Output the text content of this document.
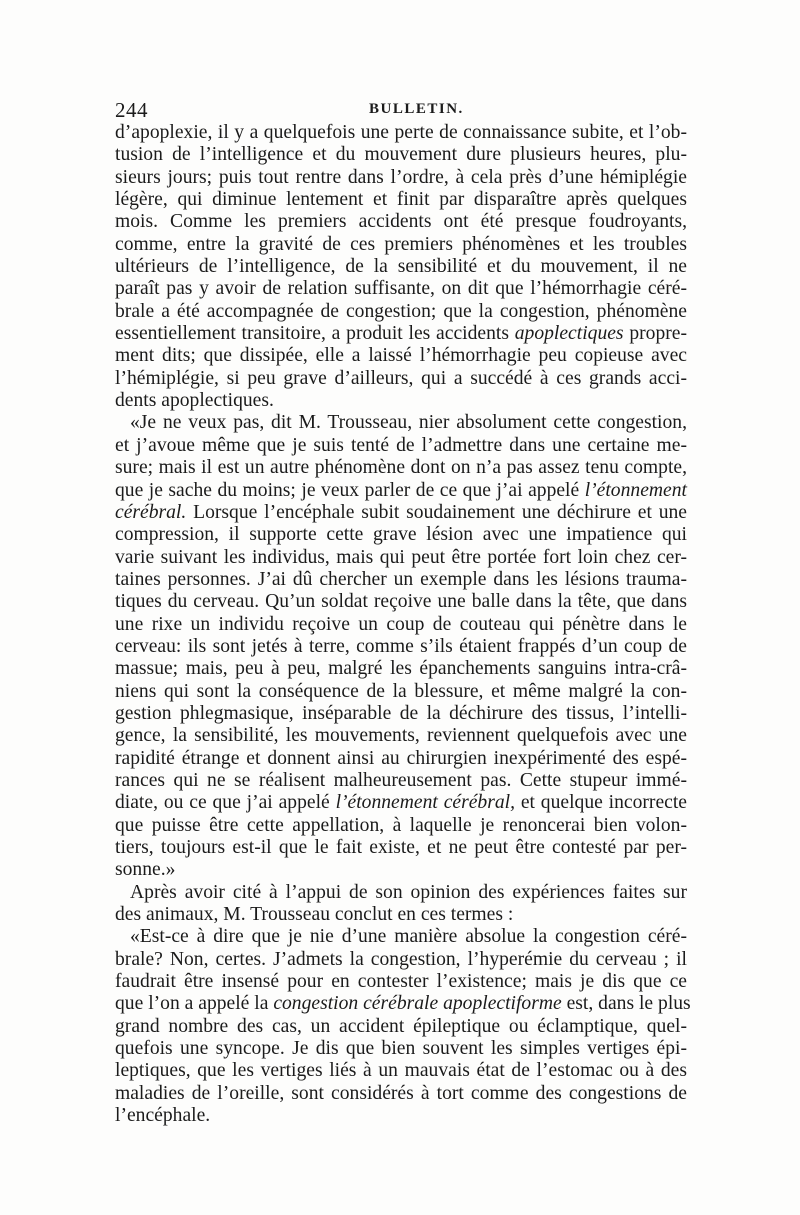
244	BULLETIN.
d’apoplexie, il y a quelquefois une perte de connaissance subite, et l’ob-
tusion de l’intelligence et du mouvement dure plusieurs heures, plu-
sieurs jours; puis tout rentre dans l’ordre, à cela près d’une hémiplégie
légère, qui diminue lentement et finit par disparaître après quelques
mois. Comme les premiers accidents ont été presque foudroyants,
comme, entre la gravité de ces premiers phénomènes et les troubles
ultérieurs de l’intelligence, de la sensibilité et du mouvement, il ne
paraît pas y avoir de relation suffisante, on dit que l’hémorrhagie céré-
brale a été accompagnée de congestion; que la congestion, phénomène
essentiellement transitoire, a produit les accidents apoplectiques propre-
ment dits; que dissipée, elle a laissé l’hémorrhagie peu copieuse avec
l’hémiplégie, si peu grave d’ailleurs, qui a succédé à ces grands acci-
dents apoplectiques.
«Je ne veux pas, dit M. Trousseau, nier absolument cette congestion,
et j’avoue même que je suis tenté de l’admettre dans une certaine me-
sure; mais il est un autre phénomène dont on n’a pas assez tenu compte,
que je sache du moins; je veux parler de ce que j’ai appelé l’étonnement
cérébral. Lorsque l’encéphale subit soudainement une déchirure et une
compression, il supporte cette grave lésion avec une impatience qui
varie suivant les individus, mais qui peut être portée fort loin chez cer-
taines personnes. J’ai dû chercher un exemple dans les lésions trauma-
tiques du cerveau. Qu’un soldat reçoive une balle dans la tête, que dans
une rixe un individu reçoive un coup de couteau qui pénètre dans le
cerveau: ils sont jetés à terre, comme s’ils étaient frappés d’un coup de
massue; mais, peu à peu, malgré les épanchements sanguins intra-crâ-
niens qui sont la conséquence de la blessure, et même malgré la con-
gestion phlegmasique, inséparable de la déchirure des tissus, l’intelli-
gence, la sensibilité, les mouvements, reviennent quelquefois avec une
rapidité étrange et donnent ainsi au chirurgien inexpérimenté des espé-
rances qui ne se réalisent malheureusement pas. Cette stupeur immé-
diate, ou ce que j’ai appelé l’étonnement cérébral, et quelque incorrecte
que puisse être cette appellation, à laquelle je renoncerai bien volon-
tiers, toujours est-il que le fait existe, et ne peut être contesté par per-
sonne.»
Après avoir cité à l’appui de son opinion des expériences faites sur
des animaux, M. Trousseau conclut en ces termes :
«Est-ce à dire que je nie d’une manière absolue la congestion céré-
brale? Non, certes. J’admets la congestion, l’hyperémie du cerveau ; il
faudrait être insensé pour en contester l’existence; mais je dis que ce
que l’on a appelé la congestion cérébrale apoplectiforme est, dans le plus
grand nombre des cas, un accident épileptique ou éclamptique, quel-
quefois une syncope. Je dis que bien souvent les simples vertiges épi-
leptiques, que les vertiges liés à un mauvais état de l’estomac ou à des
maladies de l’oreille, sont considérés à tort comme des congestions de
l’encéphale.
